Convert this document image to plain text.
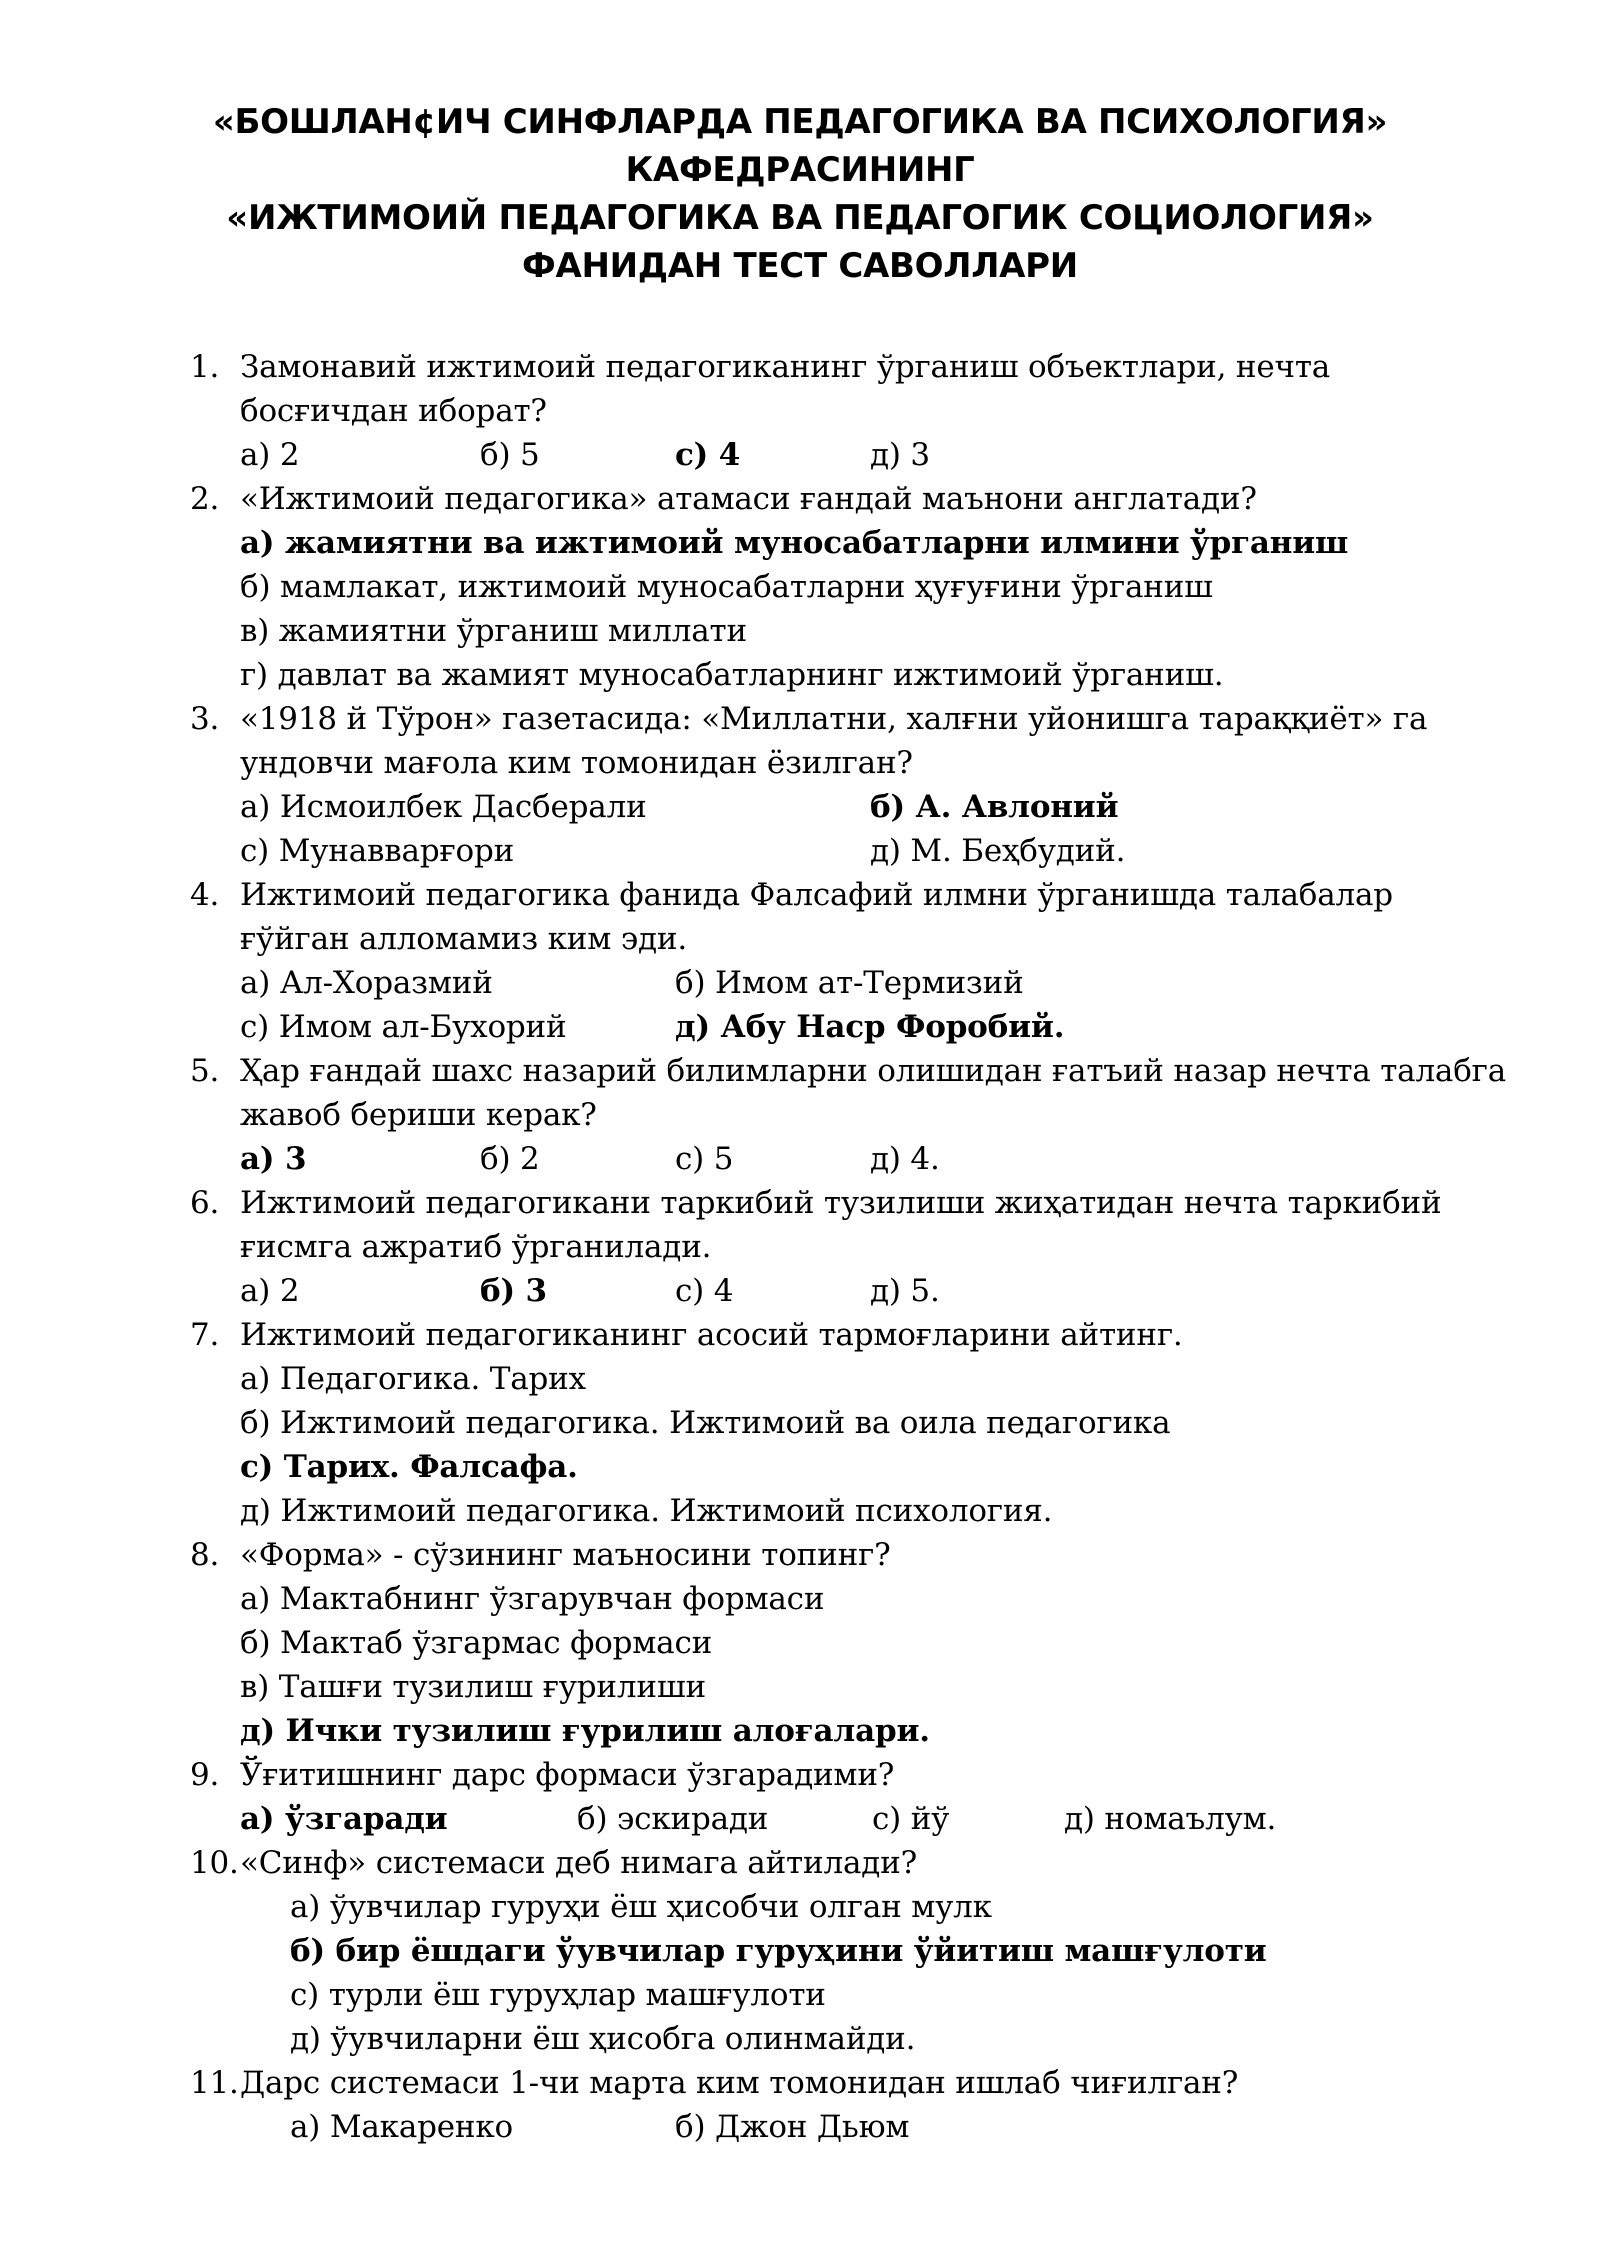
«БОШЛАН¢ИЧ СИНФЛАРДА ПЕДАГОГИКА ВА ПСИХОЛОГИЯ»
КАФЕДРАСИНИНГ
«ИЖТИМОИЙ ПЕДАГОГИКА ВА ПЕДАГОГИК СОЦИОЛОГИЯ»
ФАНИДАН ТЕСТ САВОЛЛАРИ
1. Замонавий ижтимоий педагогиканинг ўрганиш объектлари, нечта
босғичдан иборат?
а) 2	б) 5	с) 4	д) 3
2. «Ижтимоий педагогика» атамаси ғандай маънони англатади?
а) жамиятни ва ижтимоий муносабатларни илмини ўрганиш
б) мамлакат, ижтимоий муносабатларни ҳуғуғини ўрганиш
в) жамиятни ўрганиш миллати
г) давлат ва жамият муносабатларнинг ижтимоий ўрганиш.
3. «1918 й Тўрон» газетасида: «Миллатни, халғни уйонишга тараққиёт» га
ундовчи мағола ким томонидан ёзилган?
а) Исмоилбек Дасберали	б) А. Авлоний
с) Мунавварғори	д) М. Беҳбудий.
4. Ижтимоий педагогика фанида Фалсафий илмни ўрганишда талабалар
ғўйган алломамиз ким эди.
а) Ал-Хоразмий	б) Имом ат-Термизий
с) Имом ал-Бухорий	д) Абу Наср Форобий.
5. Ҳар ғандай шахс назарий билимларни олишидан ғатъий назар нечта талабга
жавоб бериши керак?
а) 3	б) 2	с) 5	д) 4.
6. Ижтимоий педагогикани таркибий тузилиши жиҳатидан нечта таркибий
ғисмга ажратиб ўрганилади.
а) 2	б) 3	с) 4	д) 5.
7. Ижтимоий педагогиканинг асосий тармоғларини айтинг.
а) Педагогика. Тарих
б) Ижтимоий педагогика. Ижтимоий ва оила педагогика
с) Тарих. Фалсафа.
д) Ижтимоий педагогика. Ижтимоий психология.
8. «Форма» - сўзининг маъносини топинг?
а) Мактабнинг ўзгарувчан формаси
б) Мактаб ўзгармас формаси
в) Ташғи тузилиш ғурилиши
д) Ички тузилиш ғурилиш алоғалари.
9. Ўғитишнинг дарс формаси ўзгарадими?
а) ўзгаради	б) эскиради	с) йў	д) номаълум.
10. «Синф» системаси деб нимага айтилади?
а) ўувчилар гуруҳи ёш ҳисобчи олган мулк
б) бир ёшдаги ўувчилар гуруҳини ўйитиш машғулоти
с) турли ёш гуруҳлар машғулоти
д) ўувчиларни ёш ҳисобга олинмайди.
11. Дарс системаси 1-чи марта ким томонидан ишлаб чиғилган?
а) Макаренко	б) Джон Дьюм
